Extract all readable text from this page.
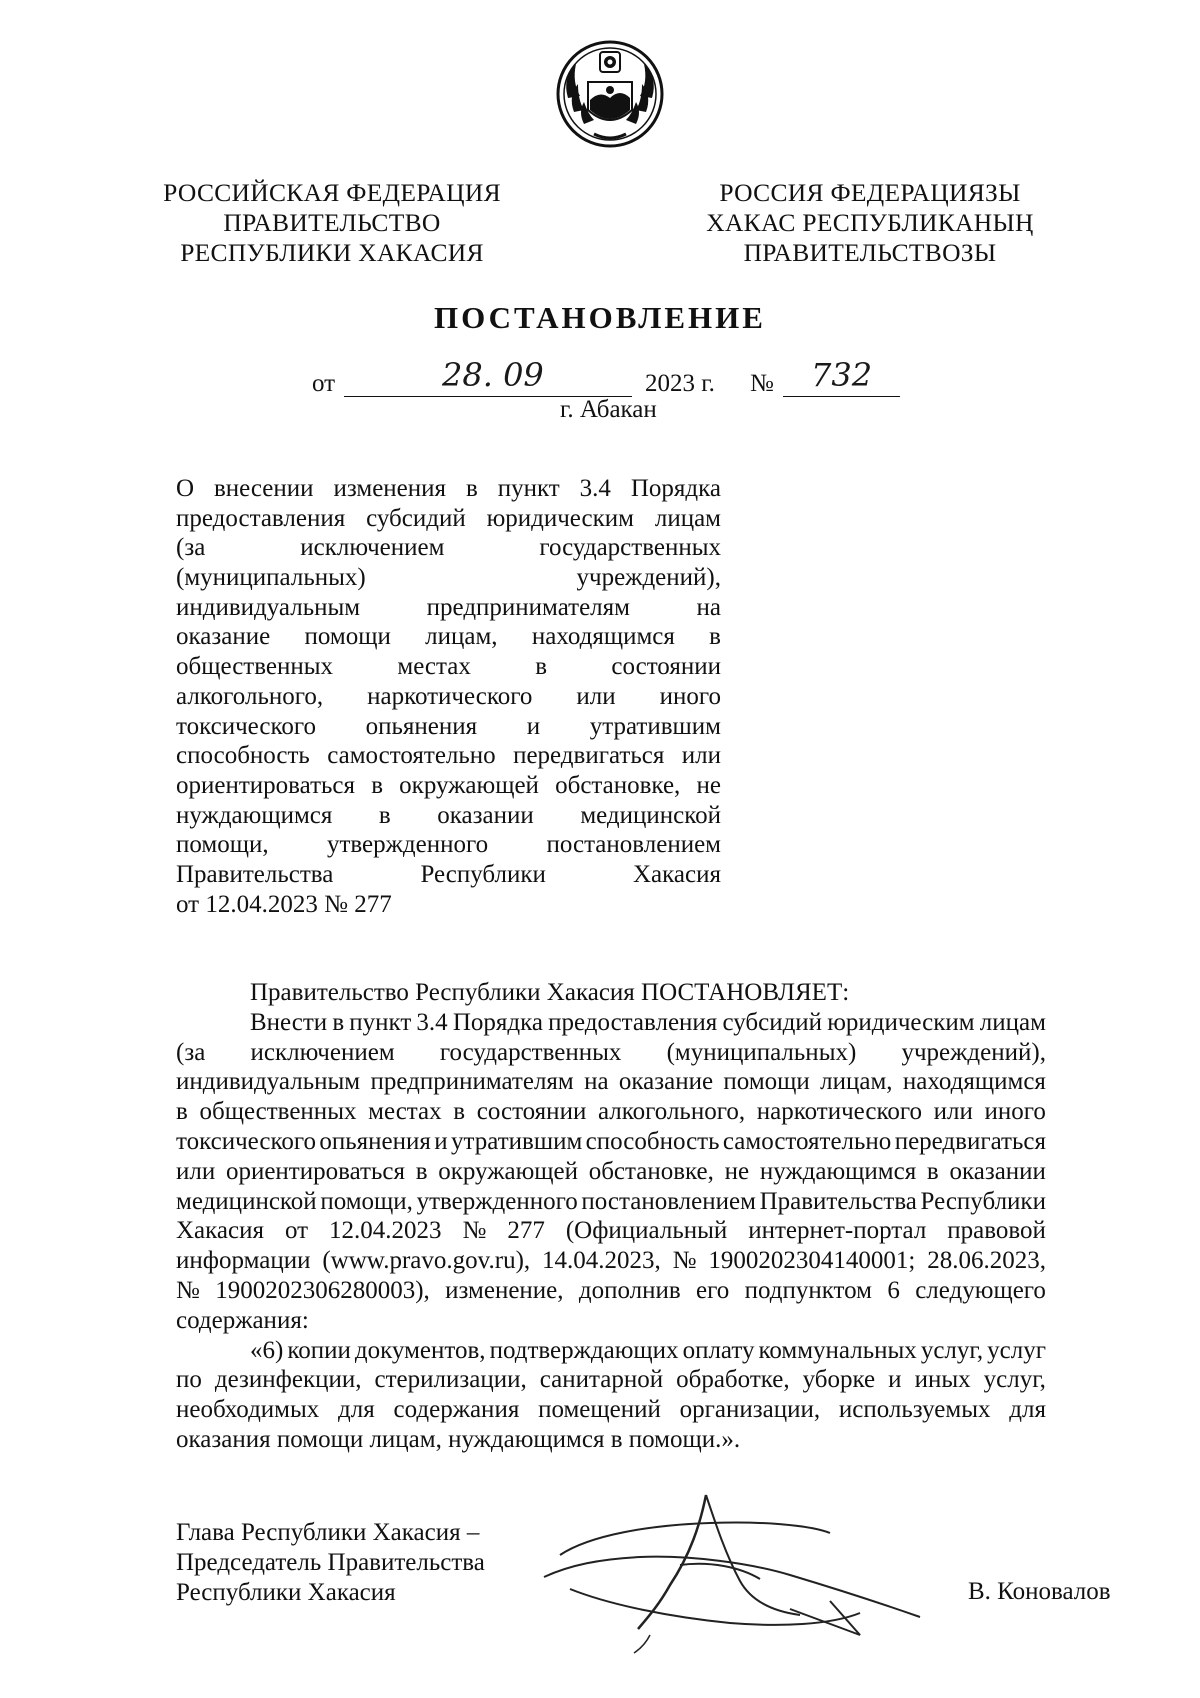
РОССИЙСКАЯ ФЕДЕРАЦИЯ
ПРАВИТЕЛЬСТВО
РЕСПУБЛИКИ ХАКАСИЯ
РОССИЯ ФЕДЕРАЦИЯЗЫ
ХАКАС РЕСПУБЛИКАНЫҢ
ПРАВИТЕЛЬСТВОЗЫ
ПОСТАНОВЛЕНИЕ
от	28. 09	2023 г. № 732
г. Абакан
О внесении изменения в пункт 3.4 Порядка
предоставления субсидий юридическим лицам
(за	исключением	государственных
(муниципальных)	учреждений),
индивидуальным	предпринимателям	на
оказание помощи лицам, находящимся в
общественных	местах	в	состоянии
алкогольного, наркотического или иного
токсического опьянения и утратившим
способность самостоятельно передвигаться или
ориентироваться в окружающей обстановке, не
нуждающимся в оказании медицинской
помощи, утвержденного постановлением
Правительства	Республики	Хакасия
от 12.04.2023 № 277
Правительство Республики Хакасия ПОСТАНОВЛЯЕТ:
Внести в пункт 3.4 Порядка предоставления субсидий юридическим лицам
(за исключением государственных (муниципальных) учреждений),
индивидуальным предпринимателям на оказание помощи лицам, находящимся
в общественных местах в состоянии алкогольного, наркотического или иного
токсического опьянения и утратившим способность самостоятельно передвигаться
или ориентироваться в окружающей обстановке, не нуждающимся в оказании
медицинской помощи, утвержденного постановлением Правительства Республики
Хакасия от 12.04.2023 № 277 (Официальный интернет-портал правовой
информации (www.pravo.gov.ru), 14.04.2023, № 1900202304140001; 28.06.2023,
№ 1900202306280003), изменение, дополнив его подпунктом 6 следующего
содержания:
«6) копии документов, подтверждающих оплату коммунальных услуг, услуг
по дезинфекции, стерилизации, санитарной обработке, уборке и иных услуг,
необходимых для содержания помещений организации, используемых для
оказания помощи лицам, нуждающимся в помощи.».
Глава Республики Хакасия –
Председатель Правительства
Республики Хакасия	В. Коновалов
